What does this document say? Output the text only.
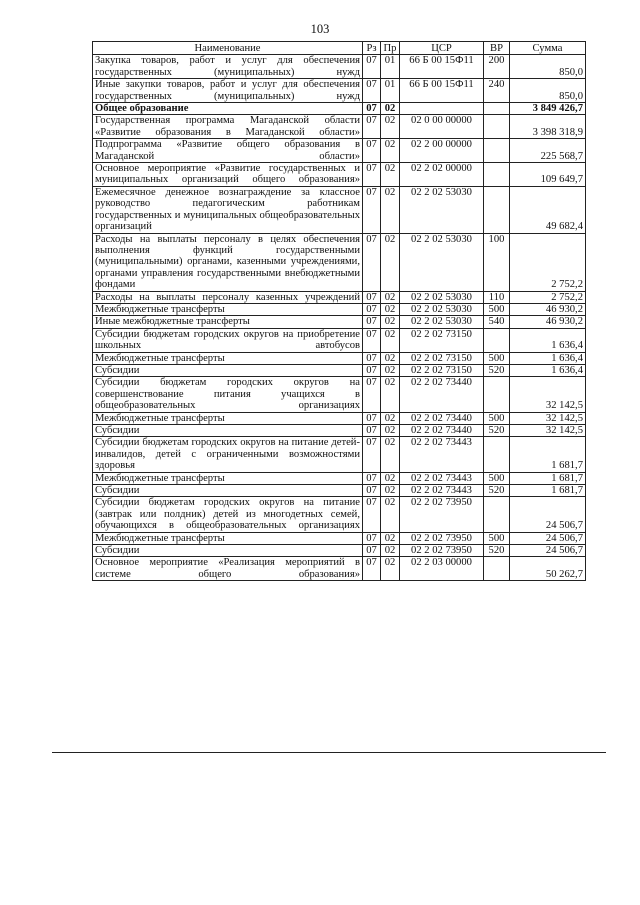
103
Наименование	Рз	Пр	ЦСР	ВР	Сумма
Закупка товаров, работ и услуг для обеспечения государственных (муниципальных) нужд	07	01	66 Б 00 15Ф11	200	850,0
Иные закупки товаров, работ и услуг для обеспечения государственных (муниципальных) нужд	07	01	66 Б 00 15Ф11	240	850,0
Общее образование	07	02			3 849 426,7
Государственная программа Магаданской области «Развитие образования в Магаданской области»	07	02	02 0 00 00000		3 398 318,9
Подпрограмма «Развитие общего образования в Магаданской области»	07	02	02 2 00 00000		225 568,7
Основное мероприятие «Развитие государственных и муниципальных организаций общего образования»	07	02	02 2 02 00000		109 649,7
Ежемесячное денежное вознаграждение за классное руководство педагогическим работникам государственных и муниципальных общеобразовательных организаций	07	02	02 2 02 53030		49 682,4
Расходы на выплаты персоналу в целях обеспечения выполнения функций государственными (муниципальными) органами, казенными учреждениями, органами управления государственными внебюджетными фондами	07	02	02 2 02 53030	100	2 752,2
Расходы на выплаты персоналу казенных учреждений	07	02	02 2 02 53030	110	2 752,2
Межбюджетные трансферты	07	02	02 2 02 53030	500	46 930,2
Иные межбюджетные трансферты	07	02	02 2 02 53030	540	46 930,2
Субсидии бюджетам городских округов на приобретение школьных автобусов	07	02	02 2 02 73150		1 636,4
Межбюджетные трансферты	07	02	02 2 02 73150	500	1 636,4
Субсидии	07	02	02 2 02 73150	520	1 636,4
Субсидии бюджетам городских округов на совершенствование питания учащихся в общеобразовательных организациях	07	02	02 2 02 73440		32 142,5
Межбюджетные трансферты	07	02	02 2 02 73440	500	32 142,5
Субсидии	07	02	02 2 02 73440	520	32 142,5
Субсидии бюджетам городских округов на питание детей-инвалидов, детей с ограниченными возможностями здоровья	07	02	02 2 02 73443		1 681,7
Межбюджетные трансферты	07	02	02 2 02 73443	500	1 681,7
Субсидии	07	02	02 2 02 73443	520	1 681,7
Субсидии бюджетам городских округов на питание (завтрак или полдник) детей из многодетных семей, обучающихся в общеобразовательных организациях	07	02	02 2 02 73950		24 506,7
Межбюджетные трансферты	07	02	02 2 02 73950	500	24 506,7
Субсидии	07	02	02 2 02 73950	520	24 506,7
Основное мероприятие «Реализация мероприятий в системе общего образования»	07	02	02 2 03 00000		50 262,7
